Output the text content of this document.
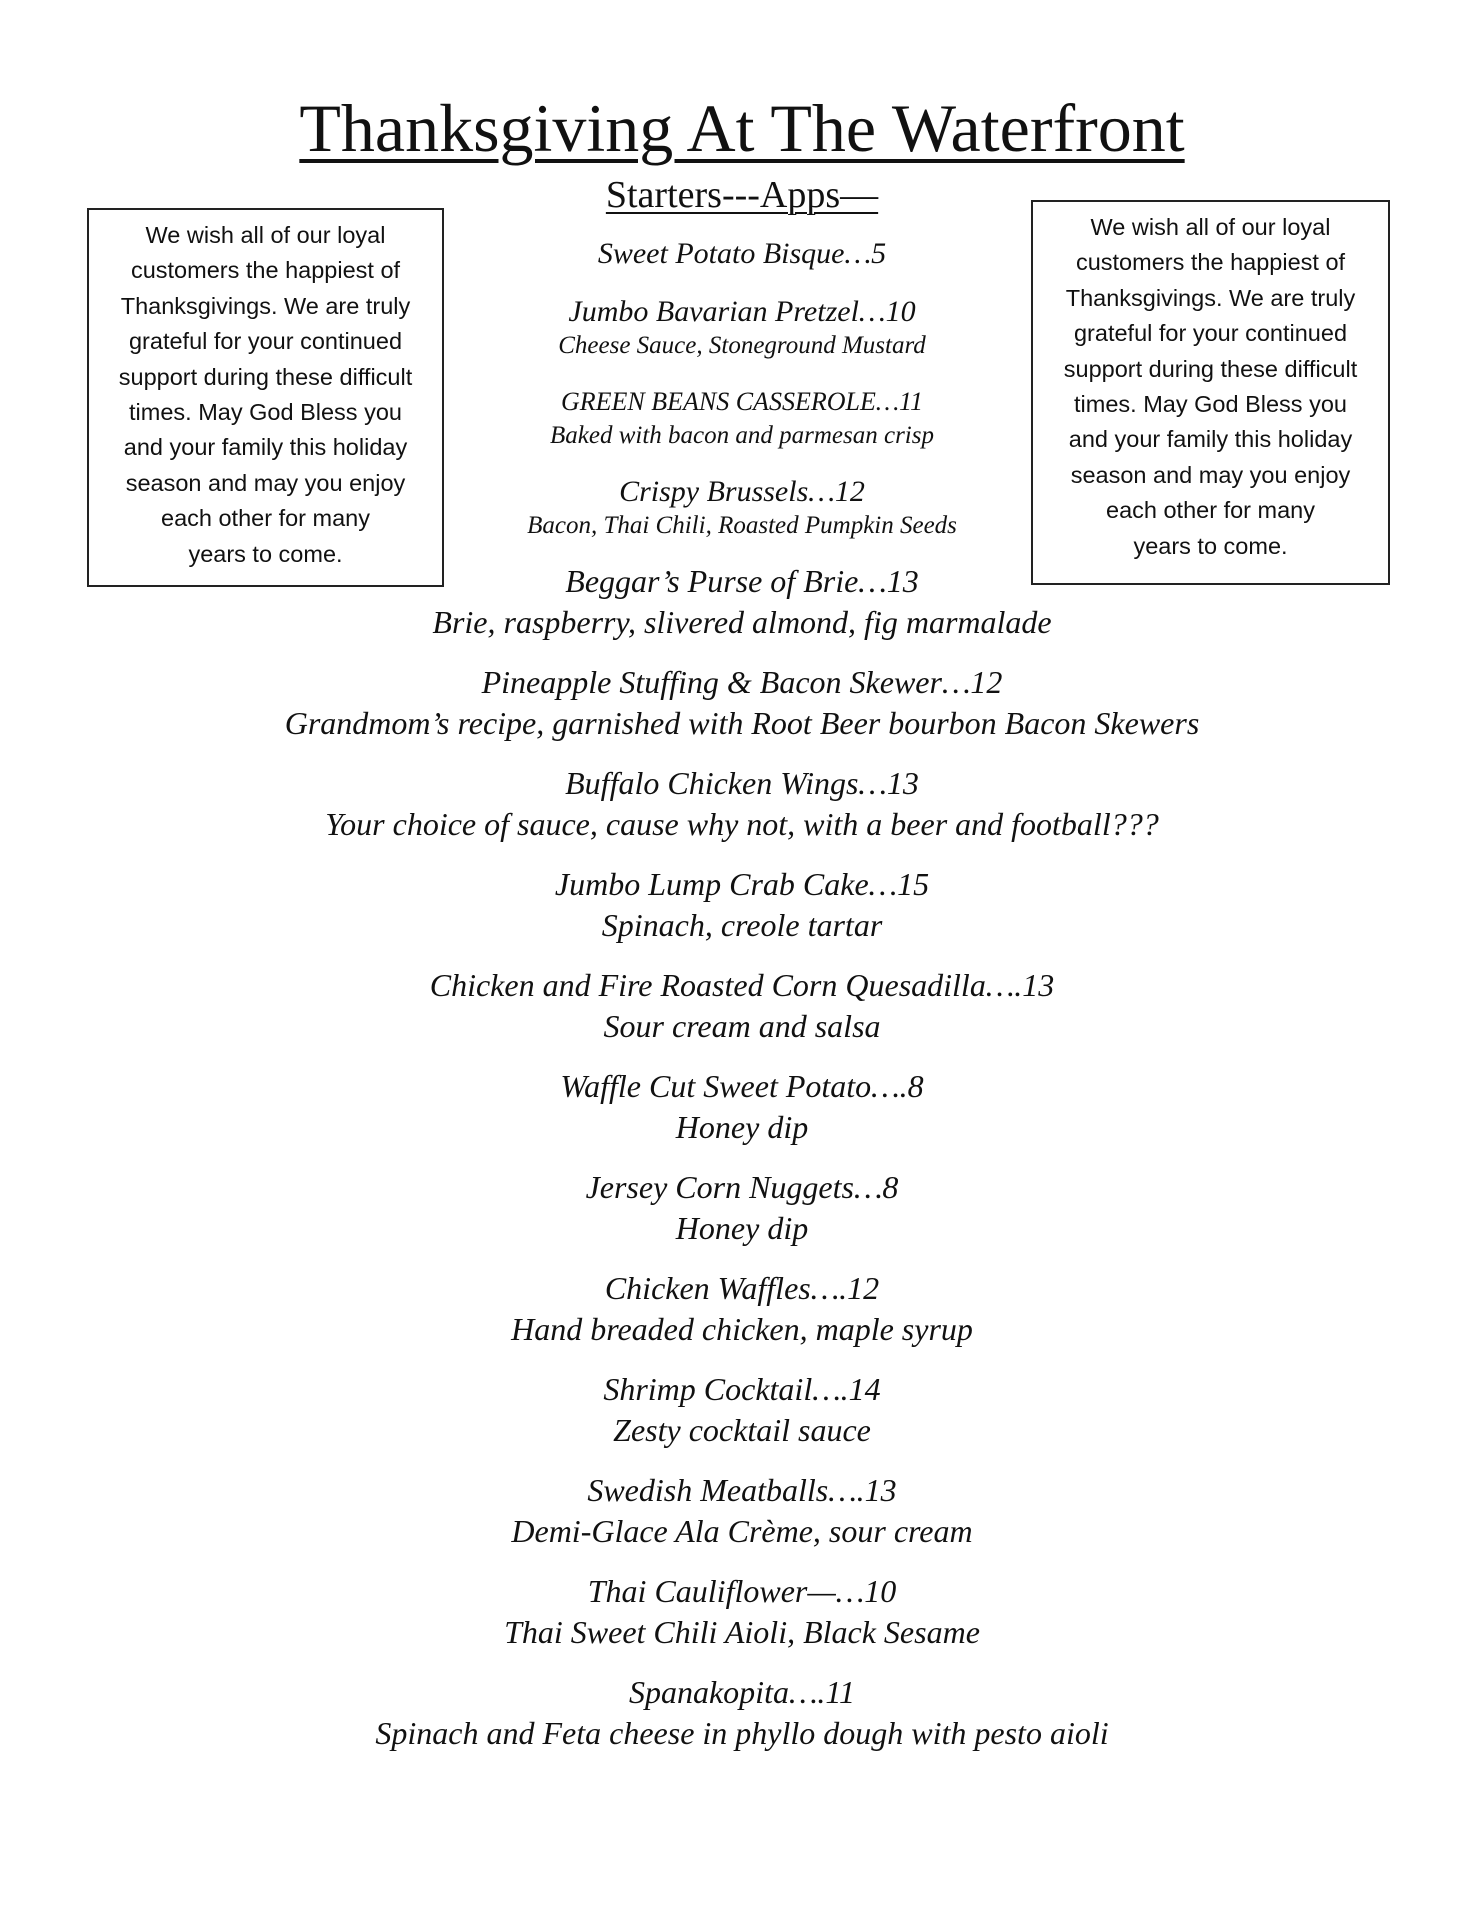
Thanksgiving At The Waterfront
Starters---Apps—
We wish all of our loyal
customers the happiest of
Thanksgivings. We are truly
grateful for your continued
support during these difficult
times. May God Bless you
and your family this holiday
season and may you enjoy
each other for many
years to come.
We wish all of our loyal
customers the happiest of
Thanksgivings. We are truly
grateful for your continued
support during these difficult
times. May God Bless you
and your family this holiday
season and may you enjoy
each other for many
years to come.
Sweet Potato Bisque…5
Jumbo Bavarian Pretzel…10
Cheese Sauce, Stoneground Mustard
GREEN BEANS CASSEROLE…11
Baked with bacon and parmesan crisp
Crispy Brussels…12
Bacon, Thai Chili, Roasted Pumpkin Seeds
Beggar’s Purse of Brie…13
Brie, raspberry, slivered almond, fig marmalade
Pineapple Stuffing & Bacon Skewer…12
Grandmom’s recipe, garnished with Root Beer bourbon Bacon Skewers
Buffalo Chicken Wings…13
Your choice of sauce, cause why not, with a beer and football???
Jumbo Lump Crab Cake…15
Spinach, creole tartar
Chicken and Fire Roasted Corn Quesadilla….13
Sour cream and salsa
Waffle Cut Sweet Potato….8
Honey dip
Jersey Corn Nuggets…8
Honey dip
Chicken Waffles….12
Hand breaded chicken, maple syrup
Shrimp Cocktail….14
Zesty cocktail sauce
Swedish Meatballs….13
Demi-Glace Ala Crème, sour cream
Thai Cauliflower—…10
Thai Sweet Chili Aioli, Black Sesame
Spanakopita….11
Spinach and Feta cheese in phyllo dough with pesto aioli
